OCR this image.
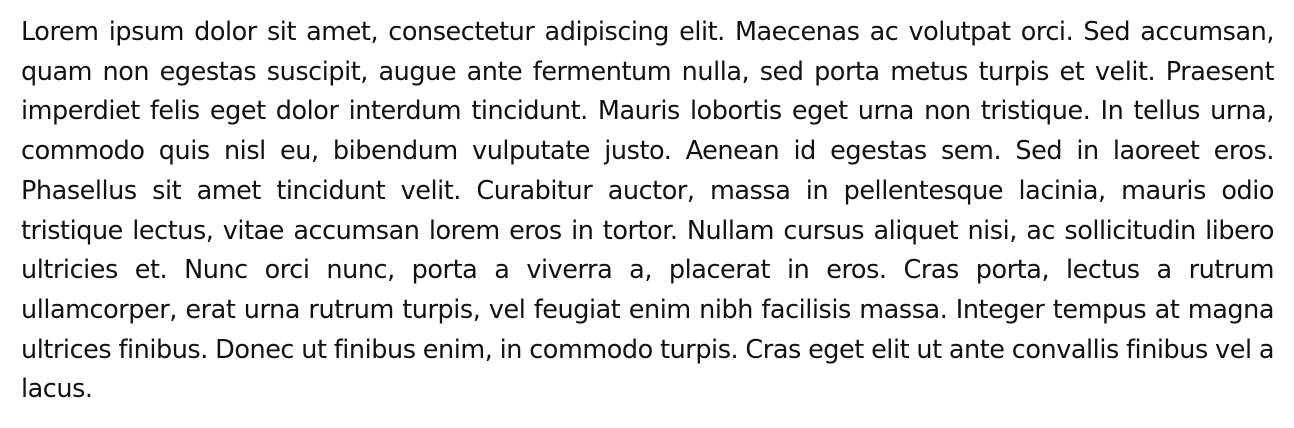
Lorem ipsum dolor sit amet, consectetur adipiscing elit. Maecenas ac volutpat orci. Sed accumsan, quam non egestas suscipit, augue ante fermentum nulla, sed porta metus turpis et velit. Praesent imperdiet felis eget dolor interdum tincidunt. Mauris lobortis eget urna non tristique. In tellus urna, commodo quis nisl eu, bibendum vulputate justo. Aenean id egestas sem. Sed in laoreet eros. Phasellus sit amet tincidunt velit. Curabitur auctor, massa in pellentesque lacinia, mauris odio tristique lectus, vitae accumsan lorem eros in tortor. Nullam cursus aliquet nisi, ac sollicitudin libero ultricies et. Nunc orci nunc, porta a viverra a, placerat in eros. Cras porta, lectus a rutrum ullamcorper, erat urna rutrum turpis, vel feugiat enim nibh facilisis massa. Integer tempus at magna ultrices finibus. Donec ut finibus enim, in commodo turpis. Cras eget elit ut ante convallis finibus vel a lacus.
